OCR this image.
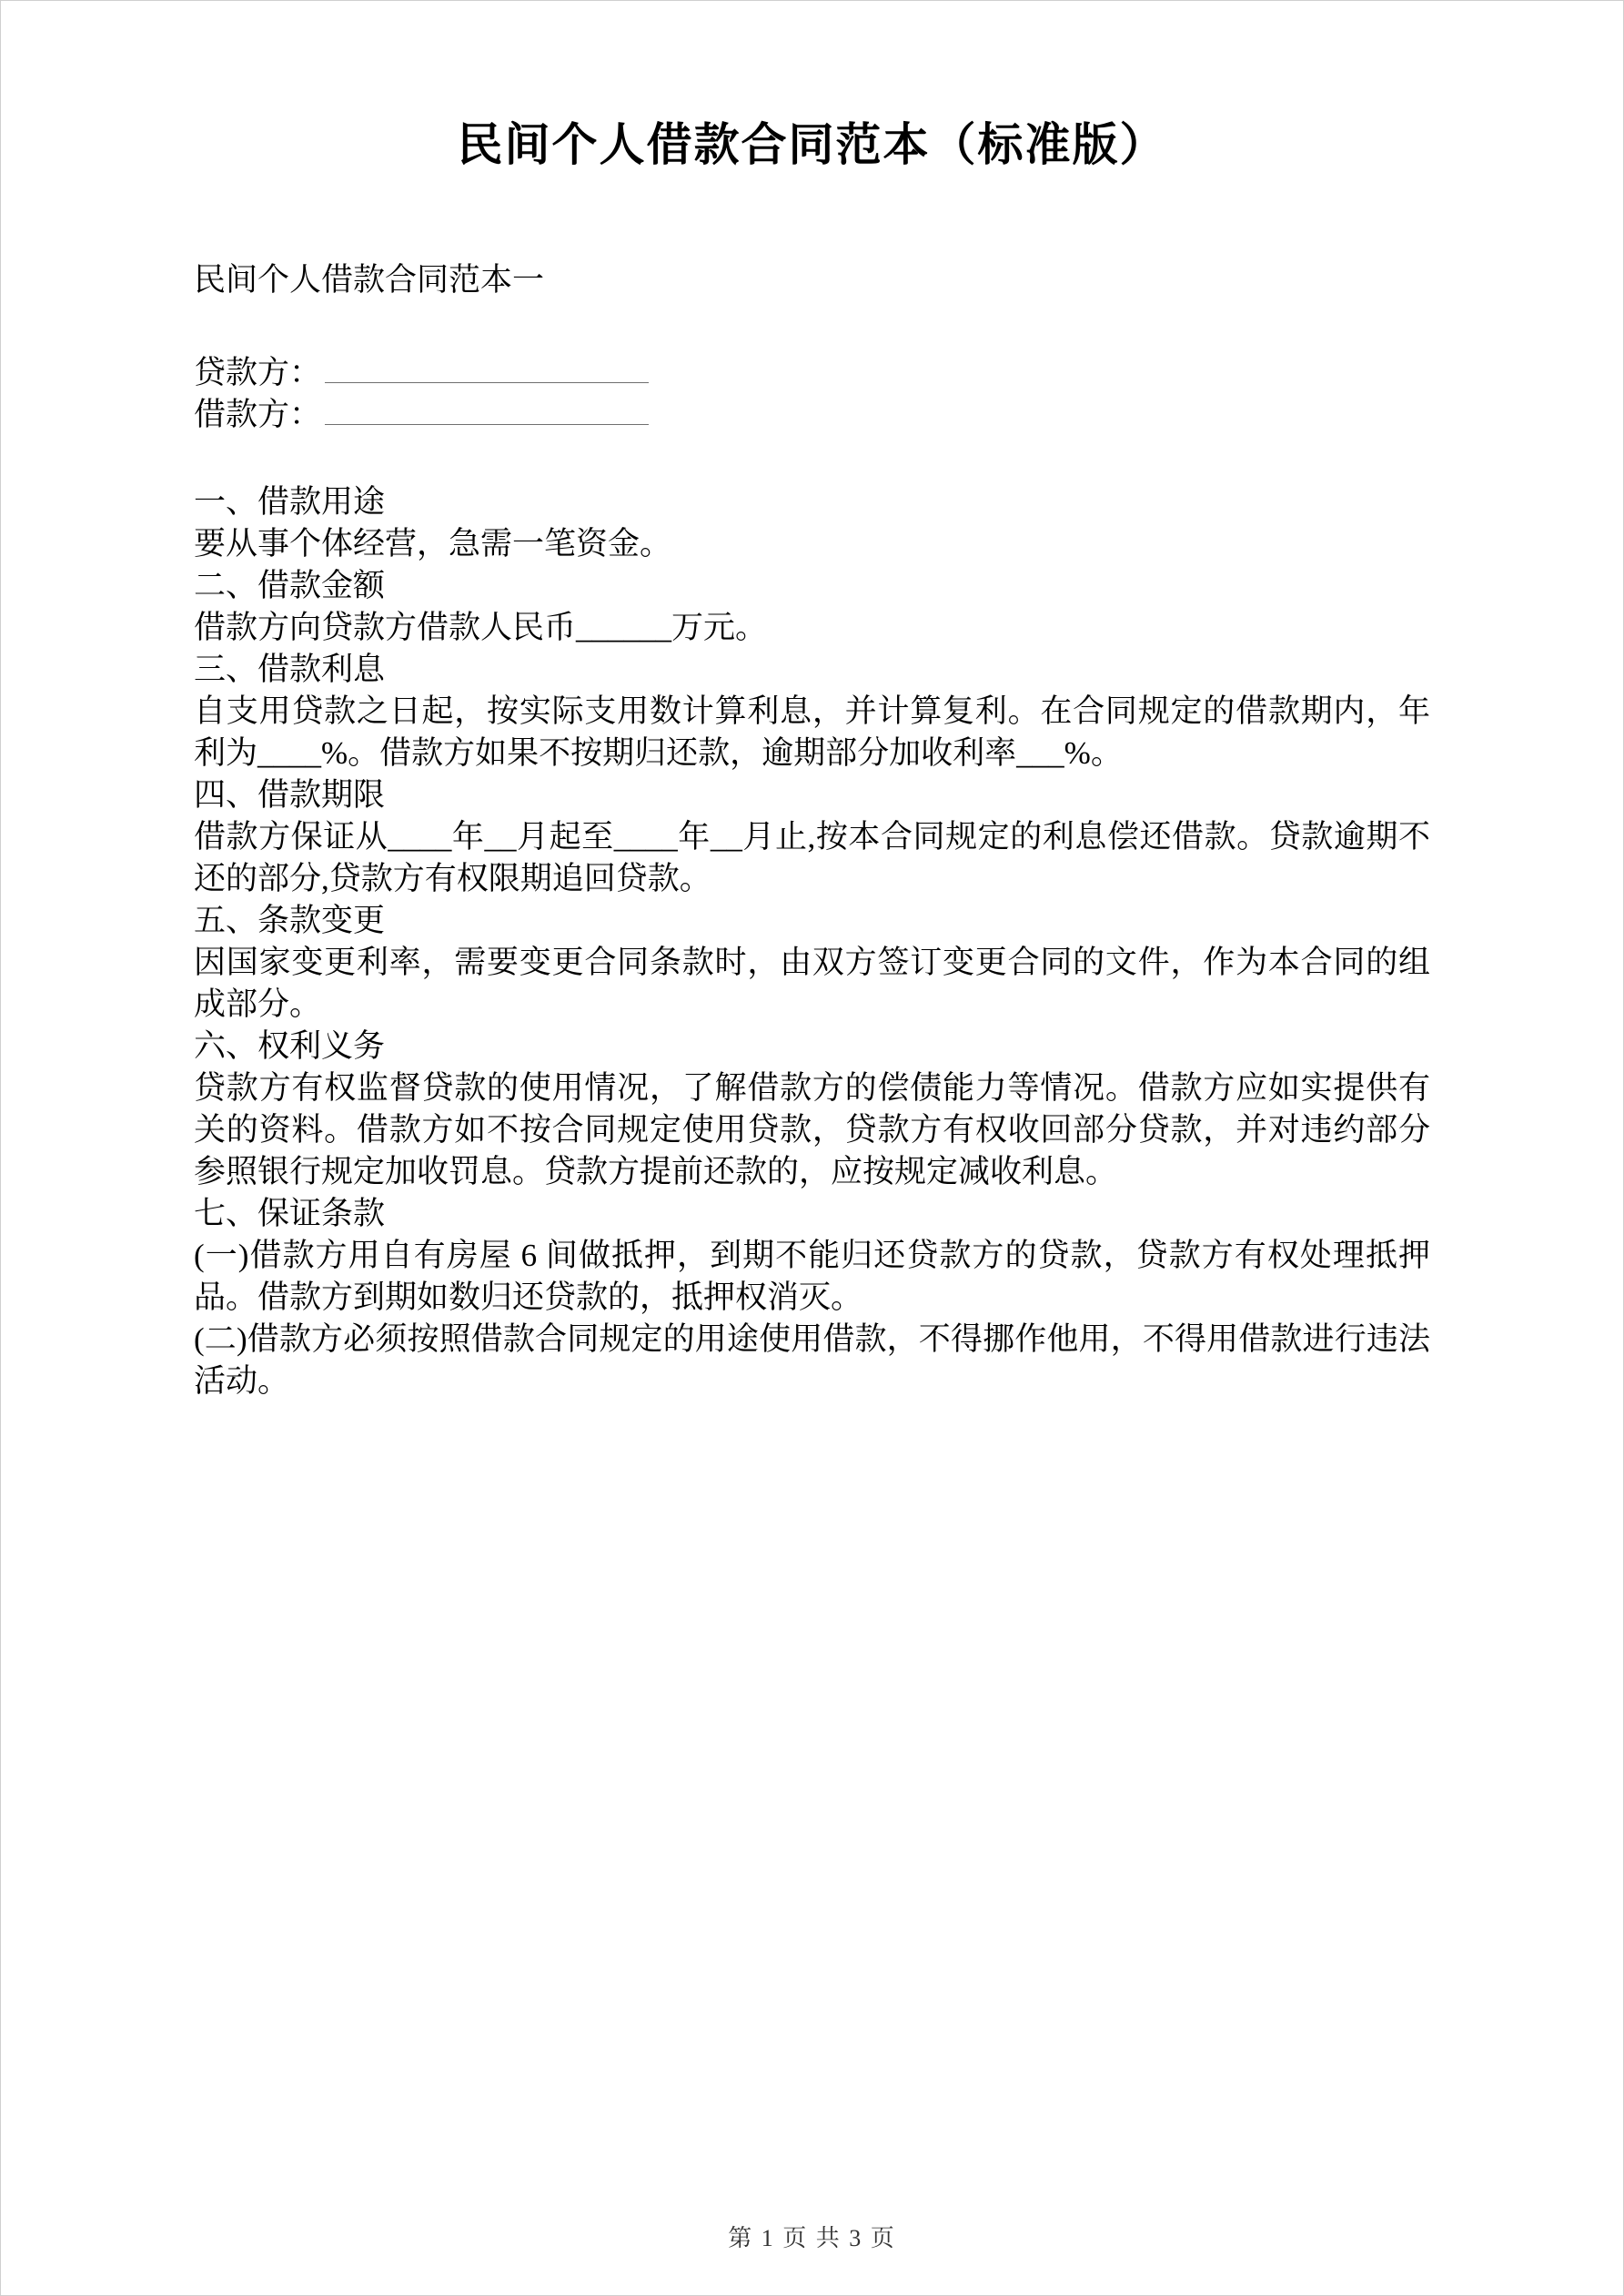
民间个人借款合同范本（标准版）

民间个人借款合同范本一

贷款方：

借款方：

一、借款用途

要从事个体经营，急需一笔资金。

二、借款金额

借款方向贷款方借款人民币______万元。

三、借款利息

自支用贷款之日起，按实际支用数计算利息，并计算复利。在合同规定的借款期内，年利为____%。借款方如果不按期归还款，逾期部分加收利率___%。

四、借款期限

借款方保证从____年__月起至____年__月止,按本合同规定的利息偿还借款。贷款逾期不还的部分,贷款方有权限期追回贷款。

五、条款变更

因国家变更利率，需要变更合同条款时，由双方签订变更合同的文件，作为本合同的组成部分。

六、权利义务

贷款方有权监督贷款的使用情况，了解借款方的偿债能力等情况。借款方应如实提供有关的资料。借款方如不按合同规定使用贷款，贷款方有权收回部分贷款，并对违约部分参照银行规定加收罚息。贷款方提前还款的，应按规定减收利息。

七、保证条款

(一)借款方用自有房屋 6 间做抵押，到期不能归还贷款方的贷款，贷款方有权处理抵押品。借款方到期如数归还贷款的，抵押权消灭。

(二)借款方必须按照借款合同规定的用途使用借款，不得挪作他用，不得用借款进行违法活动。

第 1 页 共 3 页
